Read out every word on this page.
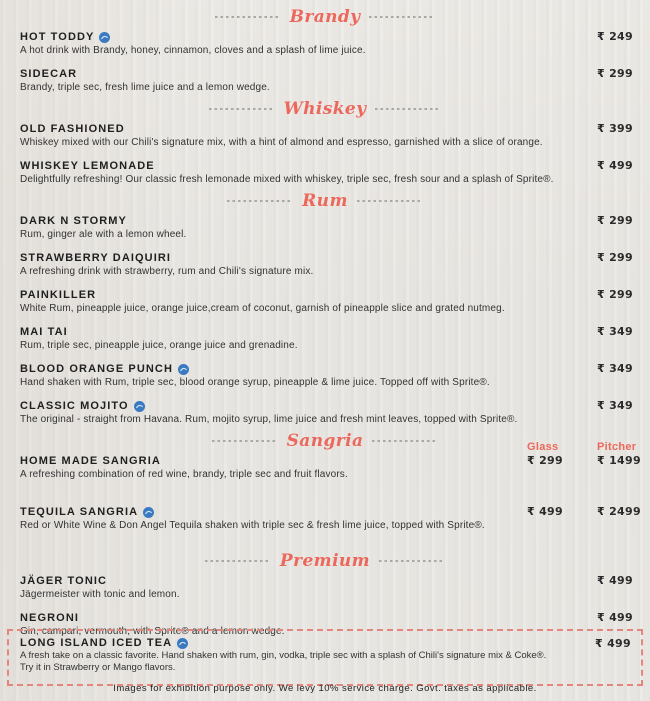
Brandy
HOT TODDY
A hot drink with Brandy, honey, cinnamon, cloves and a splash of lime juice.
₹ 249
SIDECAR
Brandy, triple sec, fresh lime juice and a lemon wedge.
₹ 299
Whiskey
OLD FASHIONED
Whiskey mixed with our Chili's signature mix, with a hint of almond and espresso, garnished with a slice of orange.
₹ 399
WHISKEY LEMONADE
Delightfully refreshing! Our classic fresh lemonade mixed with whiskey, triple sec, fresh sour and a splash of Sprite®.
₹ 499
Rum
DARK N STORMY
Rum, ginger ale with a lemon wheel.
₹ 299
STRAWBERRY DAIQUIRI
A refreshing drink with strawberry, rum and Chili's signature mix.
₹ 299
PAINKILLER
White Rum, pineapple juice, orange juice,cream of coconut, garnish of pineapple slice and grated nutmeg.
₹ 299
MAI TAI
Rum, triple sec, pineapple juice, orange juice and grenadine.
₹ 349
BLOOD ORANGE PUNCH
Hand shaken with Rum, triple sec, blood orange syrup, pineapple & lime juice. Topped off with Sprite®.
₹ 349
CLASSIC MOJITO
The original - straight from Havana. Rum, mojito syrup, lime juice and fresh mint leaves, topped with Sprite®.
₹ 349
Sangria	Glass	Pitcher
HOME MADE SANGRIA
A refreshing combination of red wine, brandy, triple sec and fruit flavors.
₹ 299	₹ 1499
TEQUILA SANGRIA
Red or White Wine & Don Angel Tequila shaken with triple sec & fresh lime juice, topped with Sprite®.
₹ 499	₹ 2499
Premium
JÄGER TONIC
Jägermeister with tonic and lemon.
₹ 499
NEGRONI
Gin, campari, vermouth, with Sprite® and a lemon wedge.
₹ 499
LONG ISLAND ICED TEA
A fresh take on a classic favorite. Hand shaken with rum, gin, vodka, triple sec with a splash of Chili's signature mix & Coke®.
Try it in Strawberry or Mango flavors.
₹ 499
Images for exhibition purpose only. We levy 10% service charge. Govt. taxes as applicable.
